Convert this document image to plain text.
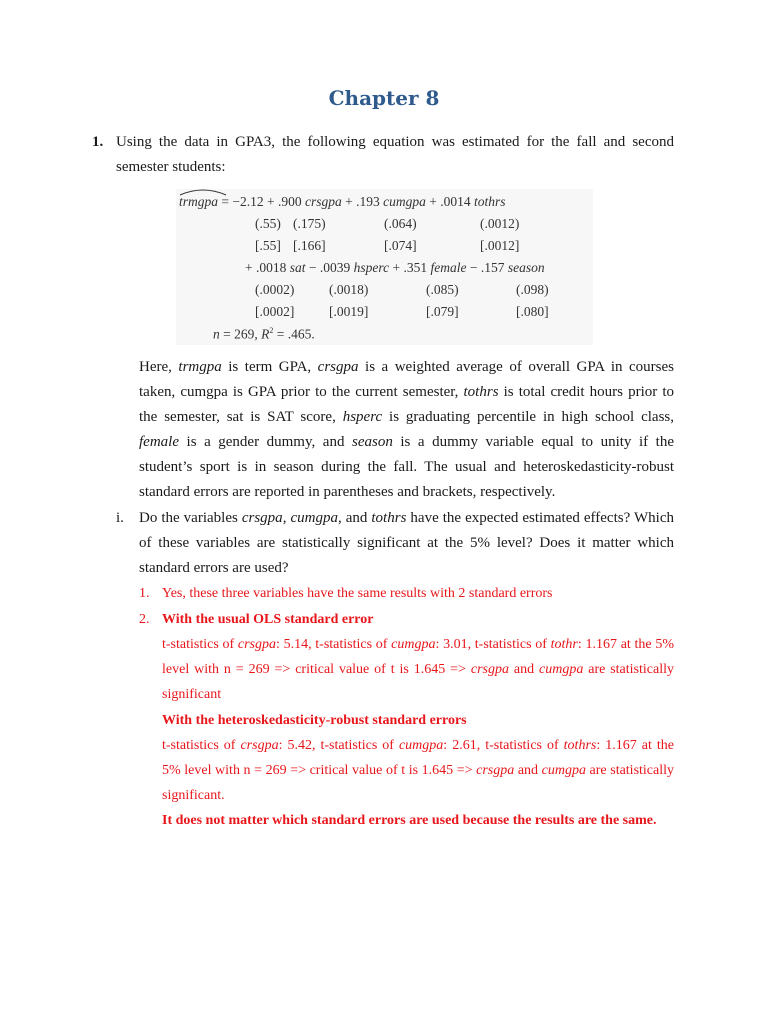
Chapter 8
1. Using the data in GPA3, the following equation was estimated for the fall and second semester students:
trmgpa = −2.12 + .900 crsgpa + .193 cumgpa + .0014 tothrs
(.55) (.175)	(.064)	(.0012)
[.55] [.166]	[.074]	[.0012]
+ .0018 sat − .0039 hsperc + .351 female − .157 season
(.0002)	(.0018)	(.085)	(.098)
[.0002]	[.0019]	[.079]	[.080]
n = 269, $R^2 = .465$.
Here, trmgpa is term GPA, crsgpa is a weighted average of overall GPA in courses taken, cumgpa is GPA prior to the current semester, tothrs is total credit hours prior to the semester, sat is SAT score, hsperc is graduating percentile in high school class, female is a gender dummy, and season is a dummy variable equal to unity if the student’s sport is in season during the fall. The usual and heteroskedasticity-robust standard errors are reported in parentheses and brackets, respectively.
i. Do the variables crsgpa, cumgpa, and tothrs have the expected estimated effects? Which of these variables are statistically significant at the 5% level? Does it matter which standard errors are used?
1. Yes, these three variables have the same results with 2 standard errors
2. With the usual OLS standard error
t-statistics of crsgpa: 5.14, t-statistics of cumgpa: 3.01, t-statistics of tothr: 1.167 at the 5% level with n = 269 => critical value of t is 1.645 => crsgpa and cumgpa are statistically significant
With the heteroskedasticity-robust standard errors
t-statistics of crsgpa: 5.42, t-statistics of cumgpa: 2.61, t-statistics of tothrs: 1.167 at the 5% level with n = 269 => critical value of t is 1.645 => crsgpa and cumgpa are statistically significant.
It does not matter which standard errors are used because the results are the same.
